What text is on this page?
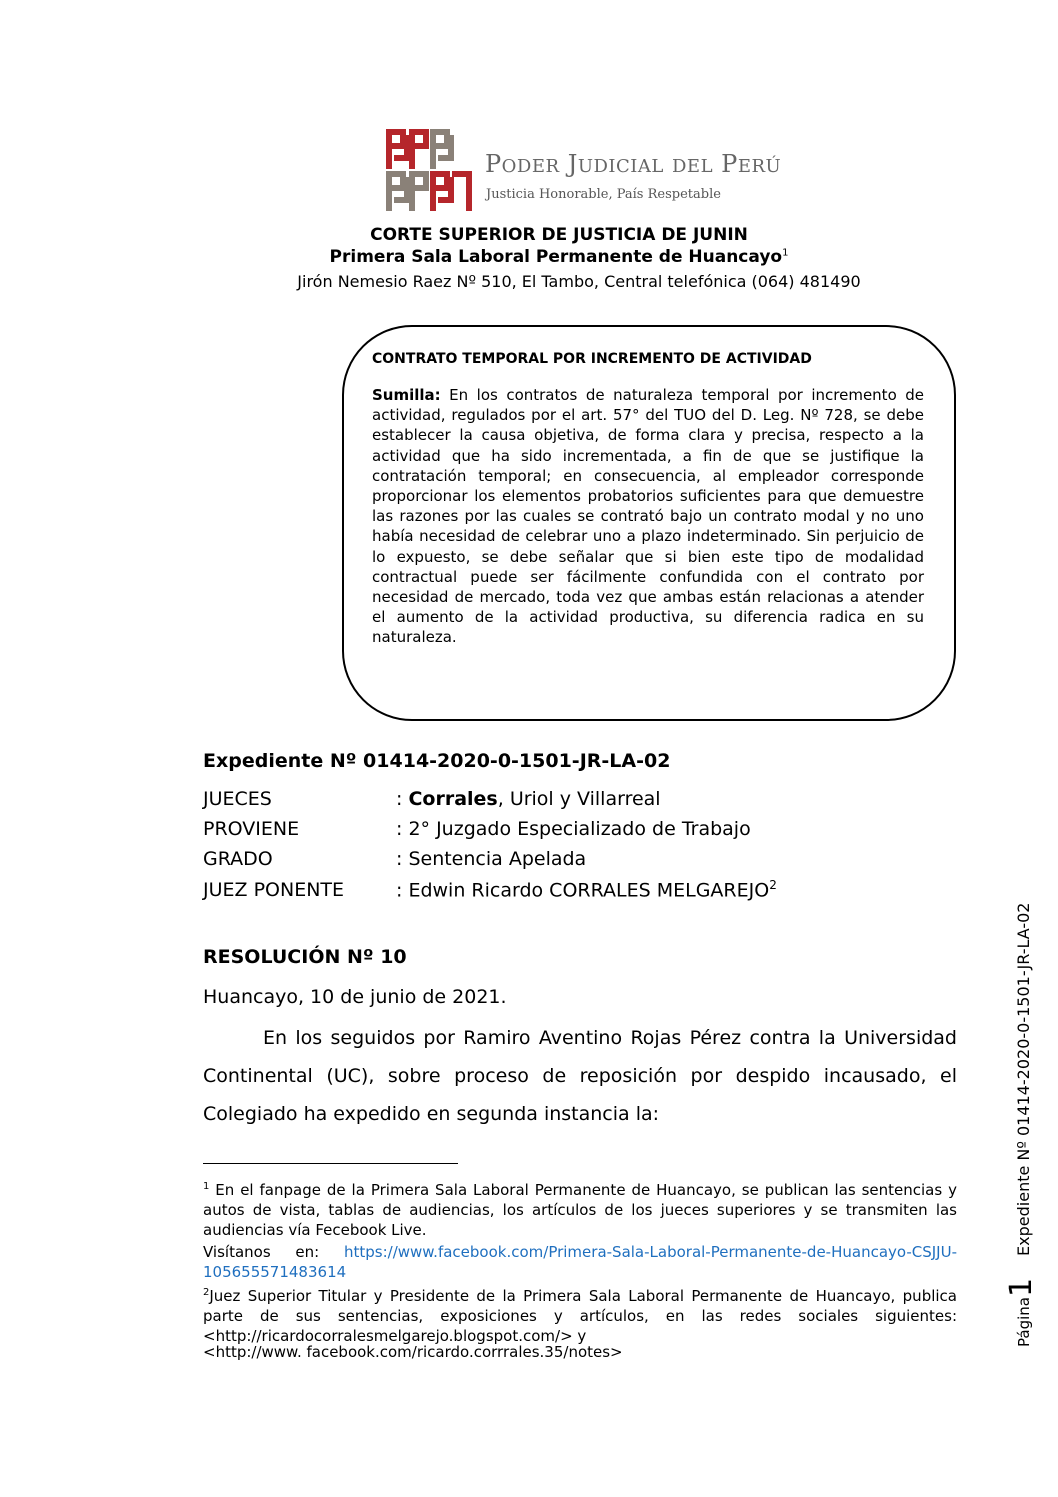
PODER JUDICIAL DEL PERÚ
Justicia Honorable, País Respetable
CORTE SUPERIOR DE JUSTICIA DE JUNIN
Primera Sala Laboral Permanente de Huancayo$^1$
Jirón Nemesio Raez Nº 510, El Tambo, Central telefónica (064) 481490
CONTRATO TEMPORAL POR INCREMENTO DE ACTIVIDAD
Sumilla: En los contratos de naturaleza temporal por incremento de actividad, regulados por el art. 57° del TUO del D. Leg. Nº 728, se debe establecer la causa objetiva, de forma clara y precisa, respecto a la actividad que ha sido incrementada, a fin de que se justifique la contratación temporal; en consecuencia, al empleador corresponde proporcionar los elementos probatorios suficientes para que demuestre las razones por las cuales se contrató bajo un contrato modal y no uno había necesidad de celebrar uno a plazo indeterminado. Sin perjuicio de lo expuesto, se debe señalar que si bien este tipo de modalidad contractual puede ser fácilmente confundida con el contrato por necesidad de mercado, toda vez que ambas están relacionas a atender el aumento de la actividad productiva, su diferencia radica en su naturaleza.
Expediente Nº 01414-2020-0-1501-JR-LA-02
JUECES	: Corrales, Uriol y Villarreal
PROVIENE	: 2° Juzgado Especializado de Trabajo
GRADO	: Sentencia Apelada
JUEZ PONENTE	: Edwin Ricardo CORRALES MELGAREJO$^2$
RESOLUCIÓN Nº 10
Huancayo, 10 de junio de 2021.
En los seguidos por Ramiro Aventino Rojas Pérez contra la Universidad Continental (UC), sobre proceso de reposición por despido incausado, el Colegiado ha expedido en segunda instancia la:
$^1$ En el fanpage de la Primera Sala Laboral Permanente de Huancayo, se publican las sentencias y autos de vista, tablas de audiencias, los artículos de los jueces superiores y se transmiten las audiencias vía Fecebook Live.
Visítanos en: https://www.facebook.com/Primera-Sala-Laboral-Permanente-de-Huancayo-CSJJU-105655571483614
$^2$Juez Superior Titular y Presidente de la Primera Sala Laboral Permanente de Huancayo, publica parte de sus sentencias, exposiciones y artículos, en las redes sociales siguientes: <http://ricardocorralesmelgarejo.blogspot.com/> y
<http://www. facebook.com/ricardo.corrrales.35/notes>
Página1Expediente Nº 01414-2020-0-1501-JR-LA-02
